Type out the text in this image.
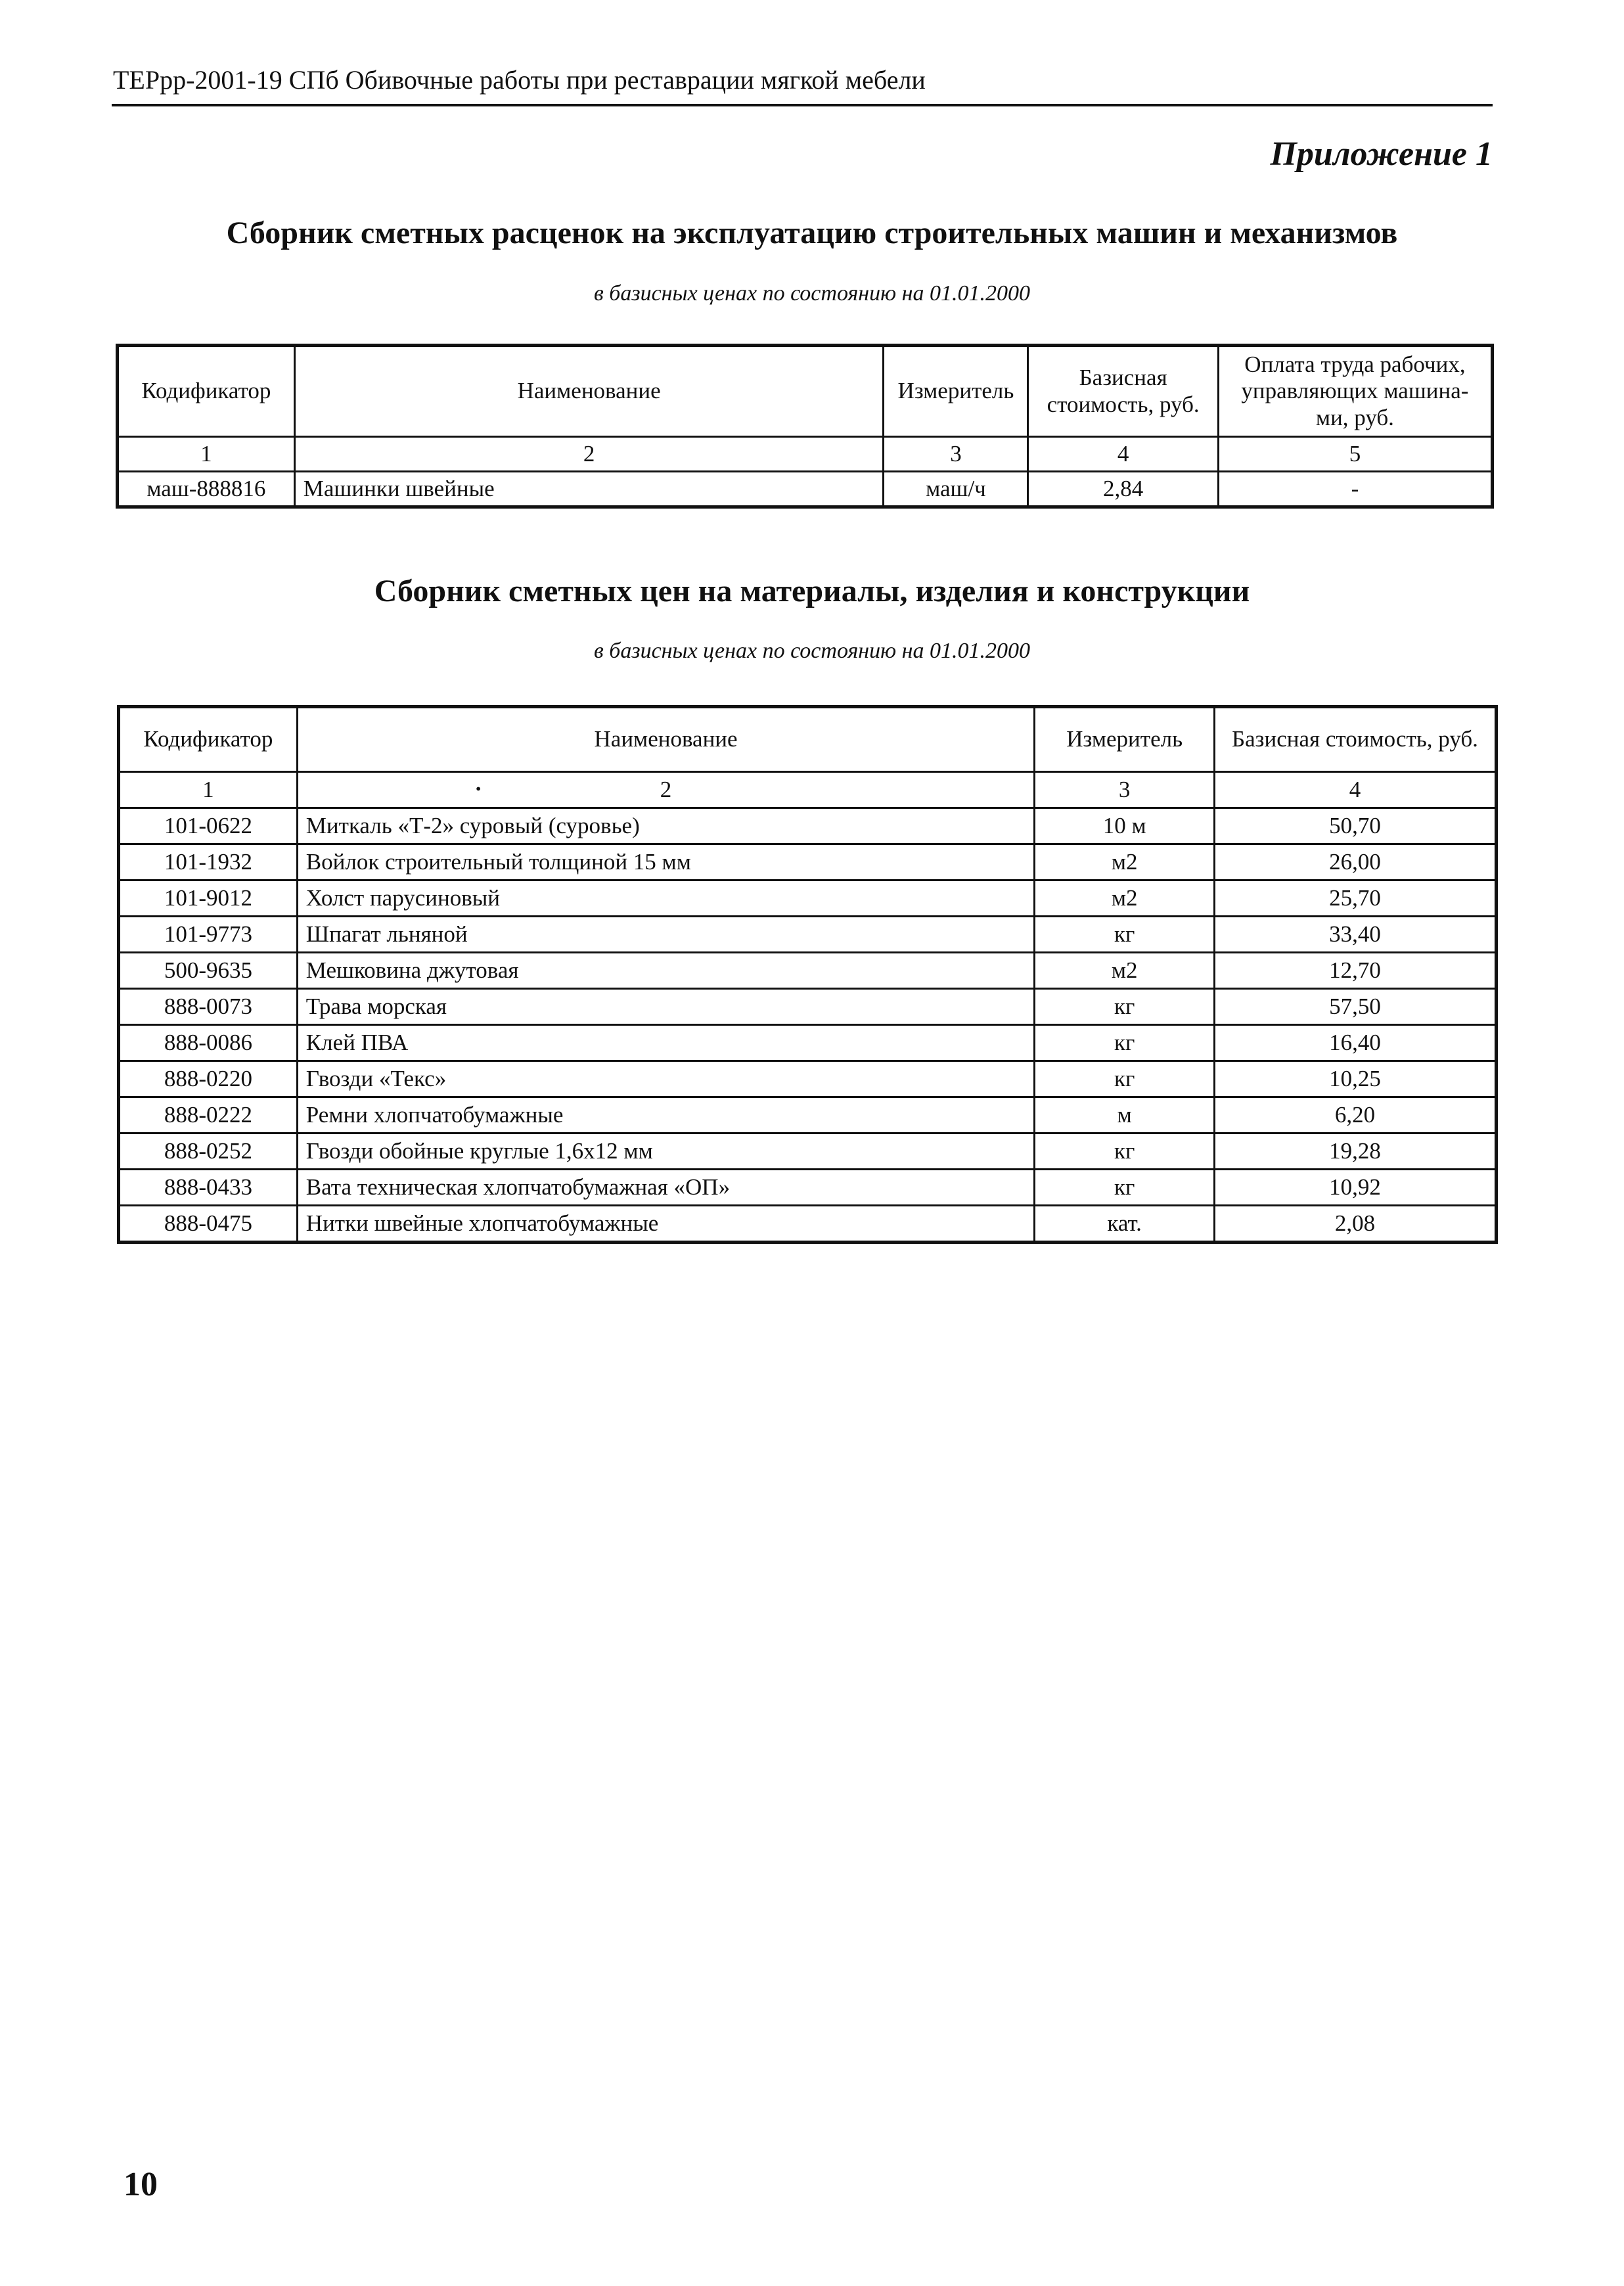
ТЕРрр-2001-19 СПб Обивочные работы при реставрации мягкой мебели
Приложение 1
Сборник сметных расценок на эксплуатацию строительных машин и механизмов
в базисных ценах по состоянию на 01.01.2000
Кодификатор	Наименование	Измеритель	Базисная стоимость, руб.	Оплата труда рабочих, управляющих машина-ми, руб.
1	2	3	4	5
маш-888816	Машинки швейные	маш/ч	2,84	-
Сборник сметных цен на материалы, изделия и конструкции
в базисных ценах по состоянию на 01.01.2000
Кодификатор	Наименование	Измеритель	Базисная стоимость, руб.
1	. 2	3	4
101-0622	Миткаль «Т-2» суровый (суровье)	10 м	50,70
101-1932	Войлок строительный толщиной 15 мм	м2	26,00
101-9012	Холст парусиновый	м2	25,70
101-9773	Шпагат льняной	кг	33,40
500-9635	Мешковина джутовая	м2	12,70
888-0073	Трава морская	кг	57,50
888-0086	Клей ПВА	кг	16,40
888-0220	Гвозди «Текс»	кг	10,25
888-0222	Ремни хлопчатобумажные	м	6,20
888-0252	Гвозди обойные круглые 1,6х12 мм	кг	19,28
888-0433	Вата техническая хлопчатобумажная «ОП»	кг	10,92
888-0475	Нитки швейные хлопчатобумажные	кат.	2,08
10
